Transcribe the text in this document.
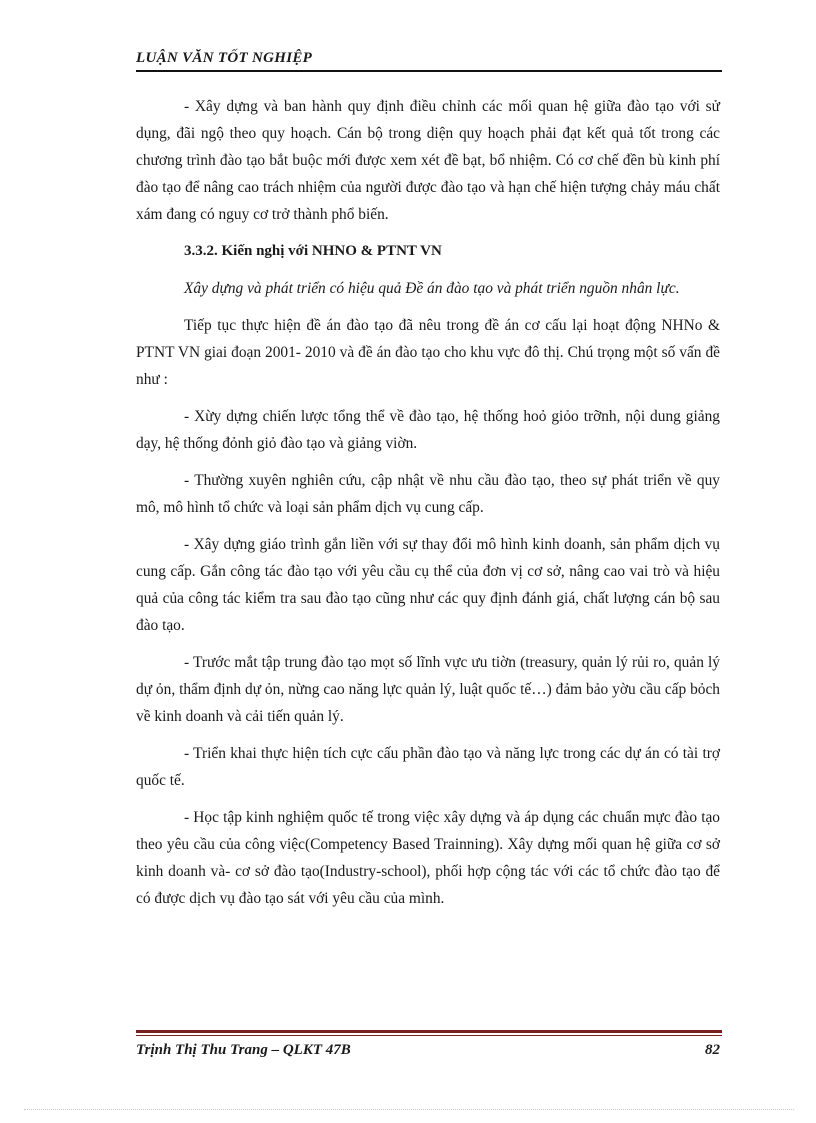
LUẬN VĂN TỐT NGHIỆP

- Xây dựng và ban hành quy định điều chỉnh các mối quan hệ giữa đào tạo với sử dụng, đãi ngộ theo quy hoạch. Cán bộ trong diện quy hoạch phải đạt kết quả tốt trong các chương trình đào tạo bắt buộc mới được xem xét đề bạt, bổ nhiệm. Có cơ chế đền bù kinh phí đào tạo để nâng cao trách nhiệm của người được đào tạo và hạn chế hiện tượng chảy máu chất xám đang có nguy cơ trở thành phổ biến.

3.3.2. Kiến nghị với NHNO & PTNT VN

Xây dựng và phát triển có hiệu quả Đề án đào tạo và phát triển nguồn nhân lực.

Tiếp tục thực hiện đề án đào tạo đã nêu trong đề án cơ cấu lại hoạt động NHNo & PTNT VN giai đoạn 2001- 2010 và đề án đào tạo cho khu vực đô thị. Chú trọng một số vấn đề như :

- Xừy dựng chiến lược tổng thể về đào tạo, hệ thống hoỏ giỏo trỡnh, nội dung giảng dạy, hệ thống đỏnh giỏ đào tạo và giảng viờn.

- Thường xuyên nghiên cứu, cập nhật về nhu cầu đào tạo, theo sự phát triển về quy mô, mô hình tổ chức và loại sản phẩm dịch vụ cung cấp.

- Xây dựng giáo trình gắn liền với sự thay đổi mô hình kinh doanh, sản phẩm dịch vụ cung cấp. Gắn công tác đào tạo với yêu cầu cụ thể của đơn vị cơ sở, nâng cao vai trò và hiệu quả của công tác kiểm tra sau đào tạo cũng như các quy định đánh giá, chất lượng cán bộ sau đào tạo.

- Trước mắt tập trung đào tạo mọt số lĩnh vực ưu tiờn (treasury, quản lý rủi ro, quản lý dự ỏn, thẩm định dự ỏn, nừng cao năng lực quản lý, luật quốc tế…) đảm bảo yờu cầu cấp bỏch về kinh doanh và cải tiến quản lý.

- Triển khai thực hiện tích cực cấu phần đào tạo và năng lực trong các dự án có tài trợ quốc tế.

- Học tập kinh nghiệm quốc tế trong việc xây dựng và áp dụng các chuẩn mực đào tạo theo yêu cầu của công việc(Competency Based Trainning). Xây dựng mối quan hệ giữa cơ sở kinh doanh và- cơ sở đào tạo(Industry-school), phối hợp cộng tác với các tổ chức đào tạo để có được dịch vụ đào tạo sát với yêu cầu của mình.

Trịnh Thị Thu Trang – QLKT 47B	82
